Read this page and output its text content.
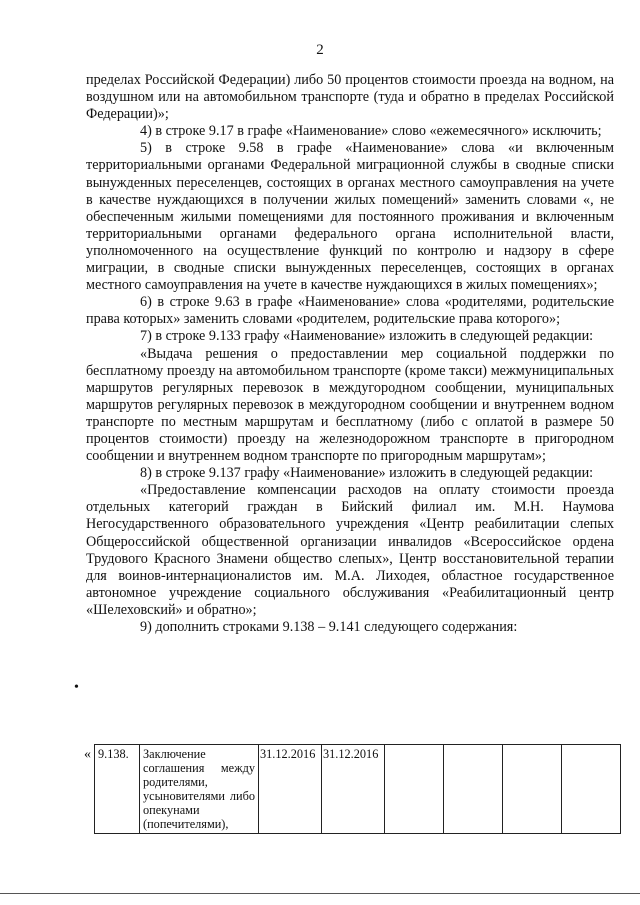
2

пределах Российской Федерации) либо 50 процентов стоимости проезда на водном, на воздушном или на автомобильном транспорте (туда и обратно в пределах Российской Федерации)»;

4) в строке 9.17 в графе «Наименование» слово «ежемесячного» исключить;

5) в строке 9.58 в графе «Наименование» слова «и включенным территориальными органами Федеральной миграционной службы в сводные списки вынужденных переселенцев, состоящих в органах местного самоуправления на учете в качестве нуждающихся в получении жилых помещений» заменить словами «, не обеспеченным жилыми помещениями для постоянного проживания и включенным территориальными органами федерального органа исполнительной власти, уполномоченного на осуществление функций по контролю и надзору в сфере миграции, в сводные списки вынужденных переселенцев, состоящих в органах местного самоуправления на учете в качестве нуждающихся в жилых помещениях»;

6) в строке 9.63 в графе «Наименование» слова «родителями, родительские права которых» заменить словами «родителем, родительские права которого»;

7) в строке 9.133 графу «Наименование» изложить в следующей редакции:

«Выдача решения о предоставлении мер социальной поддержки по бесплатному проезду на автомобильном транспорте (кроме такси) межмуниципальных маршрутов регулярных перевозок в междугородном сообщении, муниципальных маршрутов регулярных перевозок в междугородном сообщении и внутреннем водном транспорте по местным маршрутам и бесплатному (либо с оплатой в размере 50 процентов стоимости) проезду на железнодорожном транспорте в пригородном сообщении и внутреннем водном транспорте по пригородным маршрутам»;

8) в строке 9.137 графу «Наименование» изложить в следующей редакции:

«Предоставление компенсации расходов на оплату стоимости проезда отдельных категорий граждан в Бийский филиал им. М.Н. Наумова Негосударственного образовательного учреждения «Центр реабилитации слепых Общероссийской общественной организации инвалидов «Всероссийское ордена Трудового Красного Знамени общество слепых», Центр восстановительной терапии для воинов-интернационалистов им. М.А. Лиходея, областное государственное автономное учреждение социального обслуживания «Реабилитационный центр «Шелеховский» и обратно»;

9) дополнить строками 9.138 – 9.141 следующего содержания:

•
« 9.138.	Заключение соглашения между родителями, усыновителями либо опекунами (попечителями),	31.12.2016	31.12.2016				
